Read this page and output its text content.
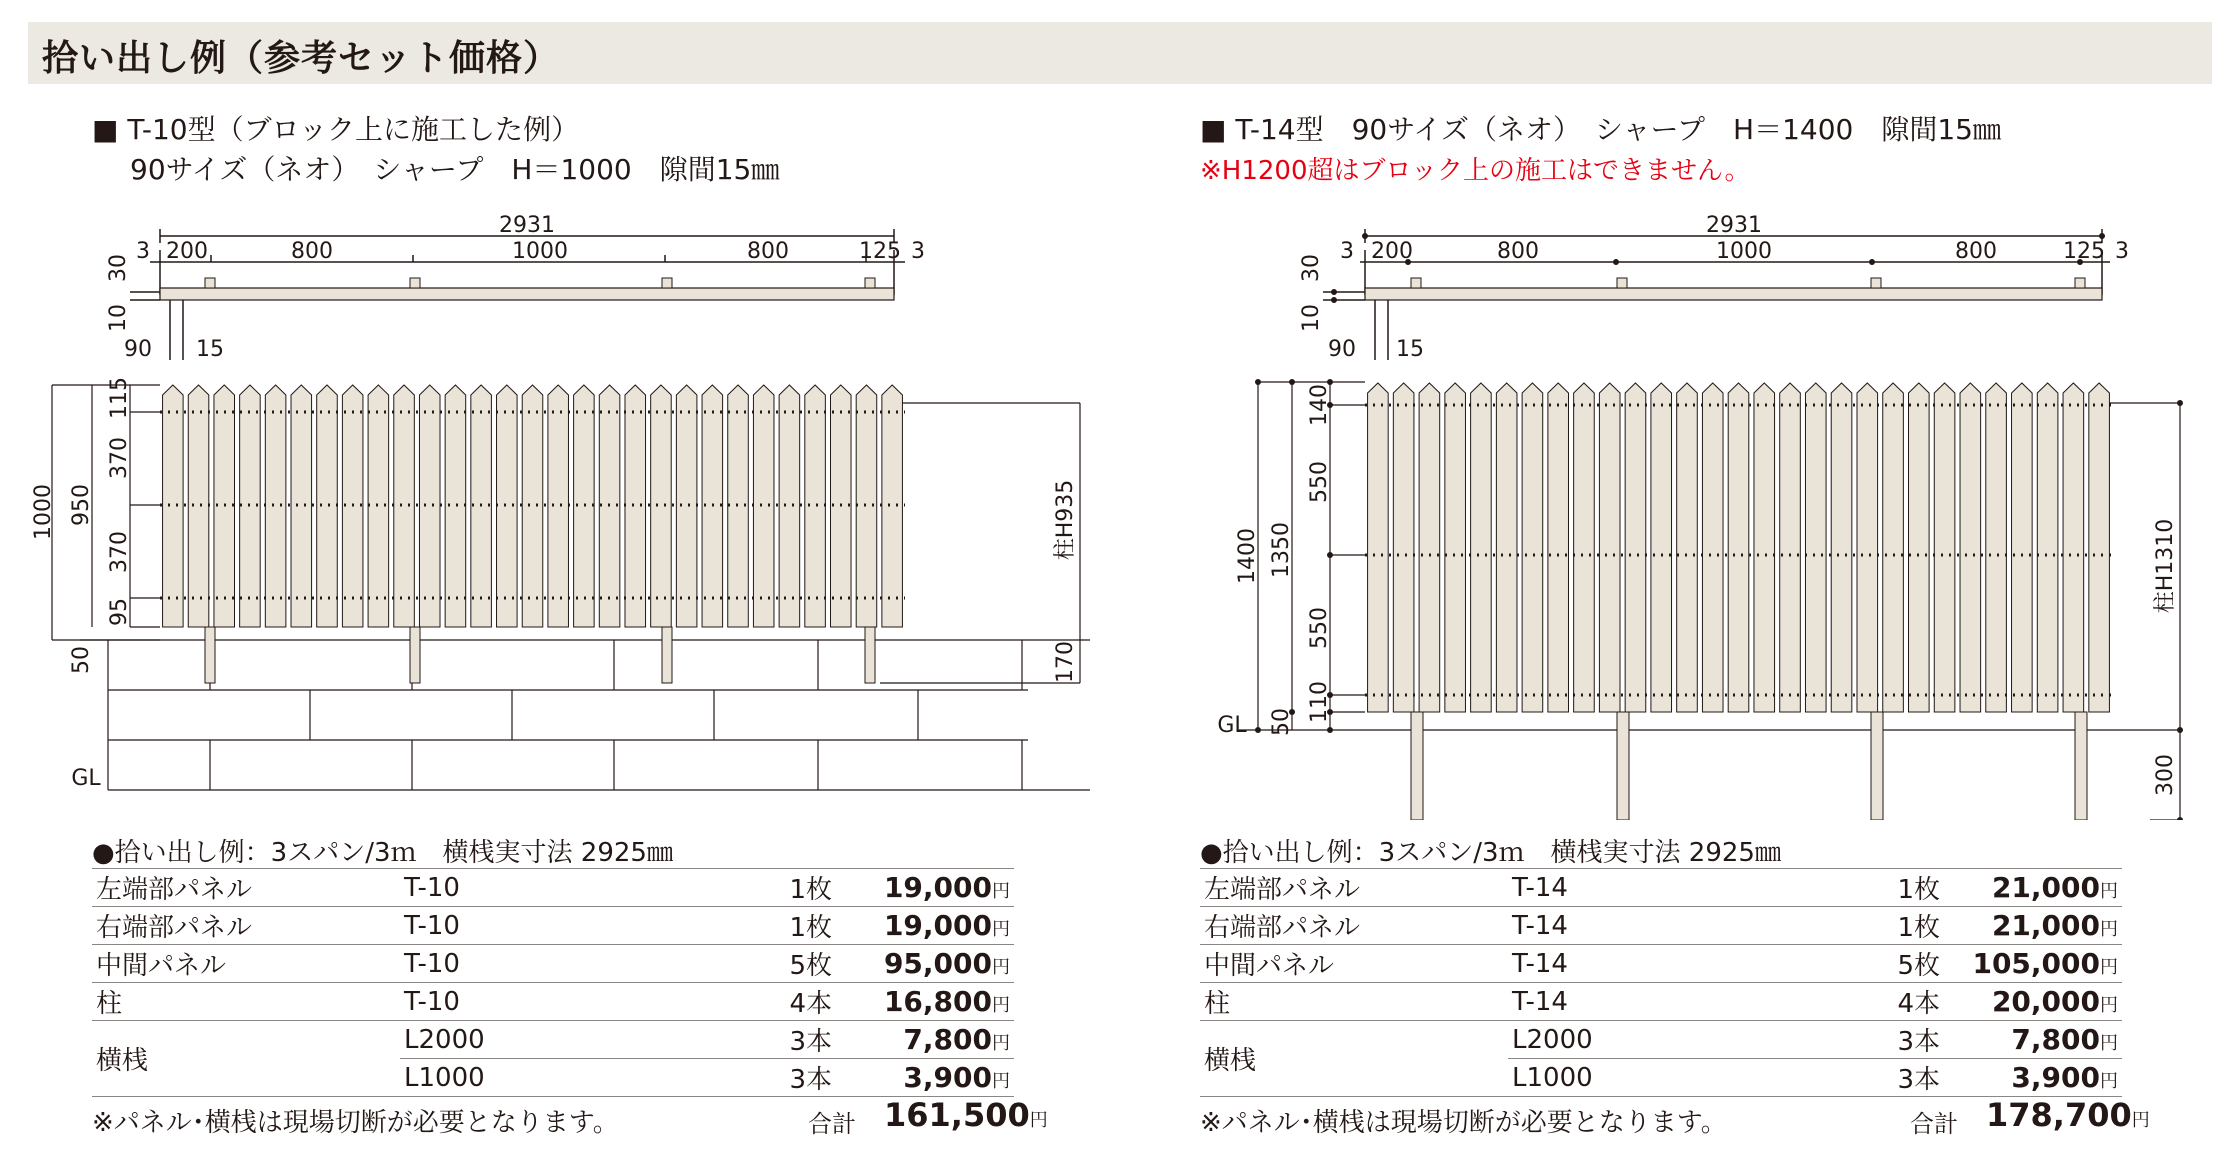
拾い出し例（参考セット価格）
■ T-10型（ブロック上に施工した例）
90サイズ（ネオ）　シャープ　H＝1000　隙間15㎜
2931
3 200	800	1000	800	125 3
30
10
90 15
1000 950
115
370
370
95
50
GL
柱H935
170
●拾い出し例：3スパン/3ｍ　横桟実寸法 2925㎜
左端部パネル	T-10	1枚	19,000円
右端部パネル	T-10	1枚	19,000円
中間パネル	T-10	5枚	95,000円
柱	T-10	4本	16,800円
横桟	L2000	3本	7,800円
	L1000	3本	3,900円
※パネル･横桟は現場切断が必要となります。	合計 161,500円
■ T-14型　90サイズ（ネオ）　シャープ　H＝1400　隙間15㎜
※H1200超はブロック上の施工はできません。
2931
3 200	800	1000	800	125 3
30
10
90 15
1400 1350
140
550
550
110
50
GL
柱H1310
300
●拾い出し例：3スパン/3ｍ　横桟実寸法 2925㎜
左端部パネル	T-14	1枚	21,000円
右端部パネル	T-14	1枚	21,000円
中間パネル	T-14	5枚	105,000円
柱	T-14	4本	20,000円
横桟	L2000	3本	7,800円
	L1000	3本	3,900円
※パネル･横桟は現場切断が必要となります。	合計 178,700円
